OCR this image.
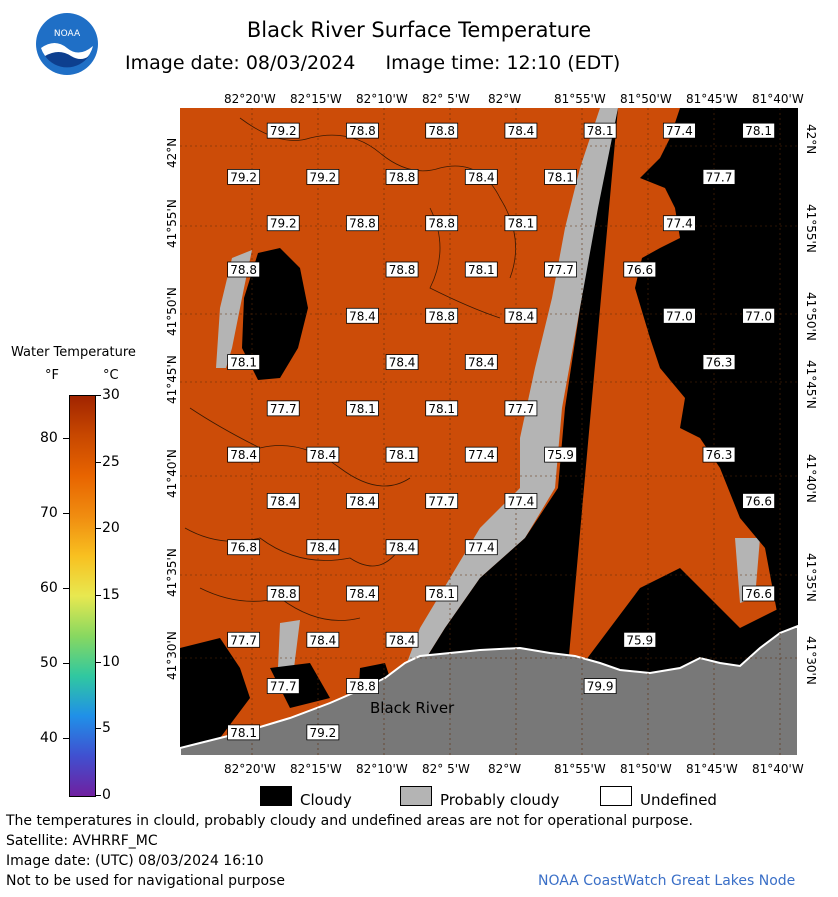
NOAA	Black River Surface Temperature
Image date: 08/03/2024 Image time: 12:10 (EDT)
82°20'W 82°15'W 82°10'W 82° 5'W 82°W	81°55'W 81°50'W 81°45'W 81°40'W
82°20'W 82°15'W 82°10'W 82° 5'W 82°W	81°55'W 81°50'W 81°45'W 81°40'W
42°N
41°55'N
41°50'N
41°45'N
41°40'N
41°35'N
41°30'N
42°N
41°55'N
41°50'N
41°45'N
41°40'N
41°35'N
41°30'N
79.2	78.8	78.8	78.4	78.1	77.4	78.1
79.2	79.2	78.8	78.4	78.1	77.7
79.2	78.8	78.8	78.1	77.4
78.8	78.8	78.1	77.7	76.6
78.4	78.8	78.4	77.0	77.0
78.1	78.4	78.4	76.3
77.7	78.1	78.1	77.7
78.4	78.4	78.1	77.4	75.9	76.3
78.4	78.4	77.7	77.4	76.6
76.8	78.4	78.4	77.4
78.8	78.4	78.1	76.6
77.7	78.4	78.4	75.9
77.7	78.8	79.9
78.1	79.2
Black River
Water Temperature
°F	°C
30
25
20
15
10
5
0
80
70
60
50
40
Cloudy	Probably cloudy	Undefined
The temperatures in clould, probably cloudy and undefined areas are not for operational purpose.
Satellite: AVHRRF_MC
Image date: (UTC) 08/03/2024 16:10
Not to be used for navigational purpose	NOAA CoastWatch Great Lakes Node
